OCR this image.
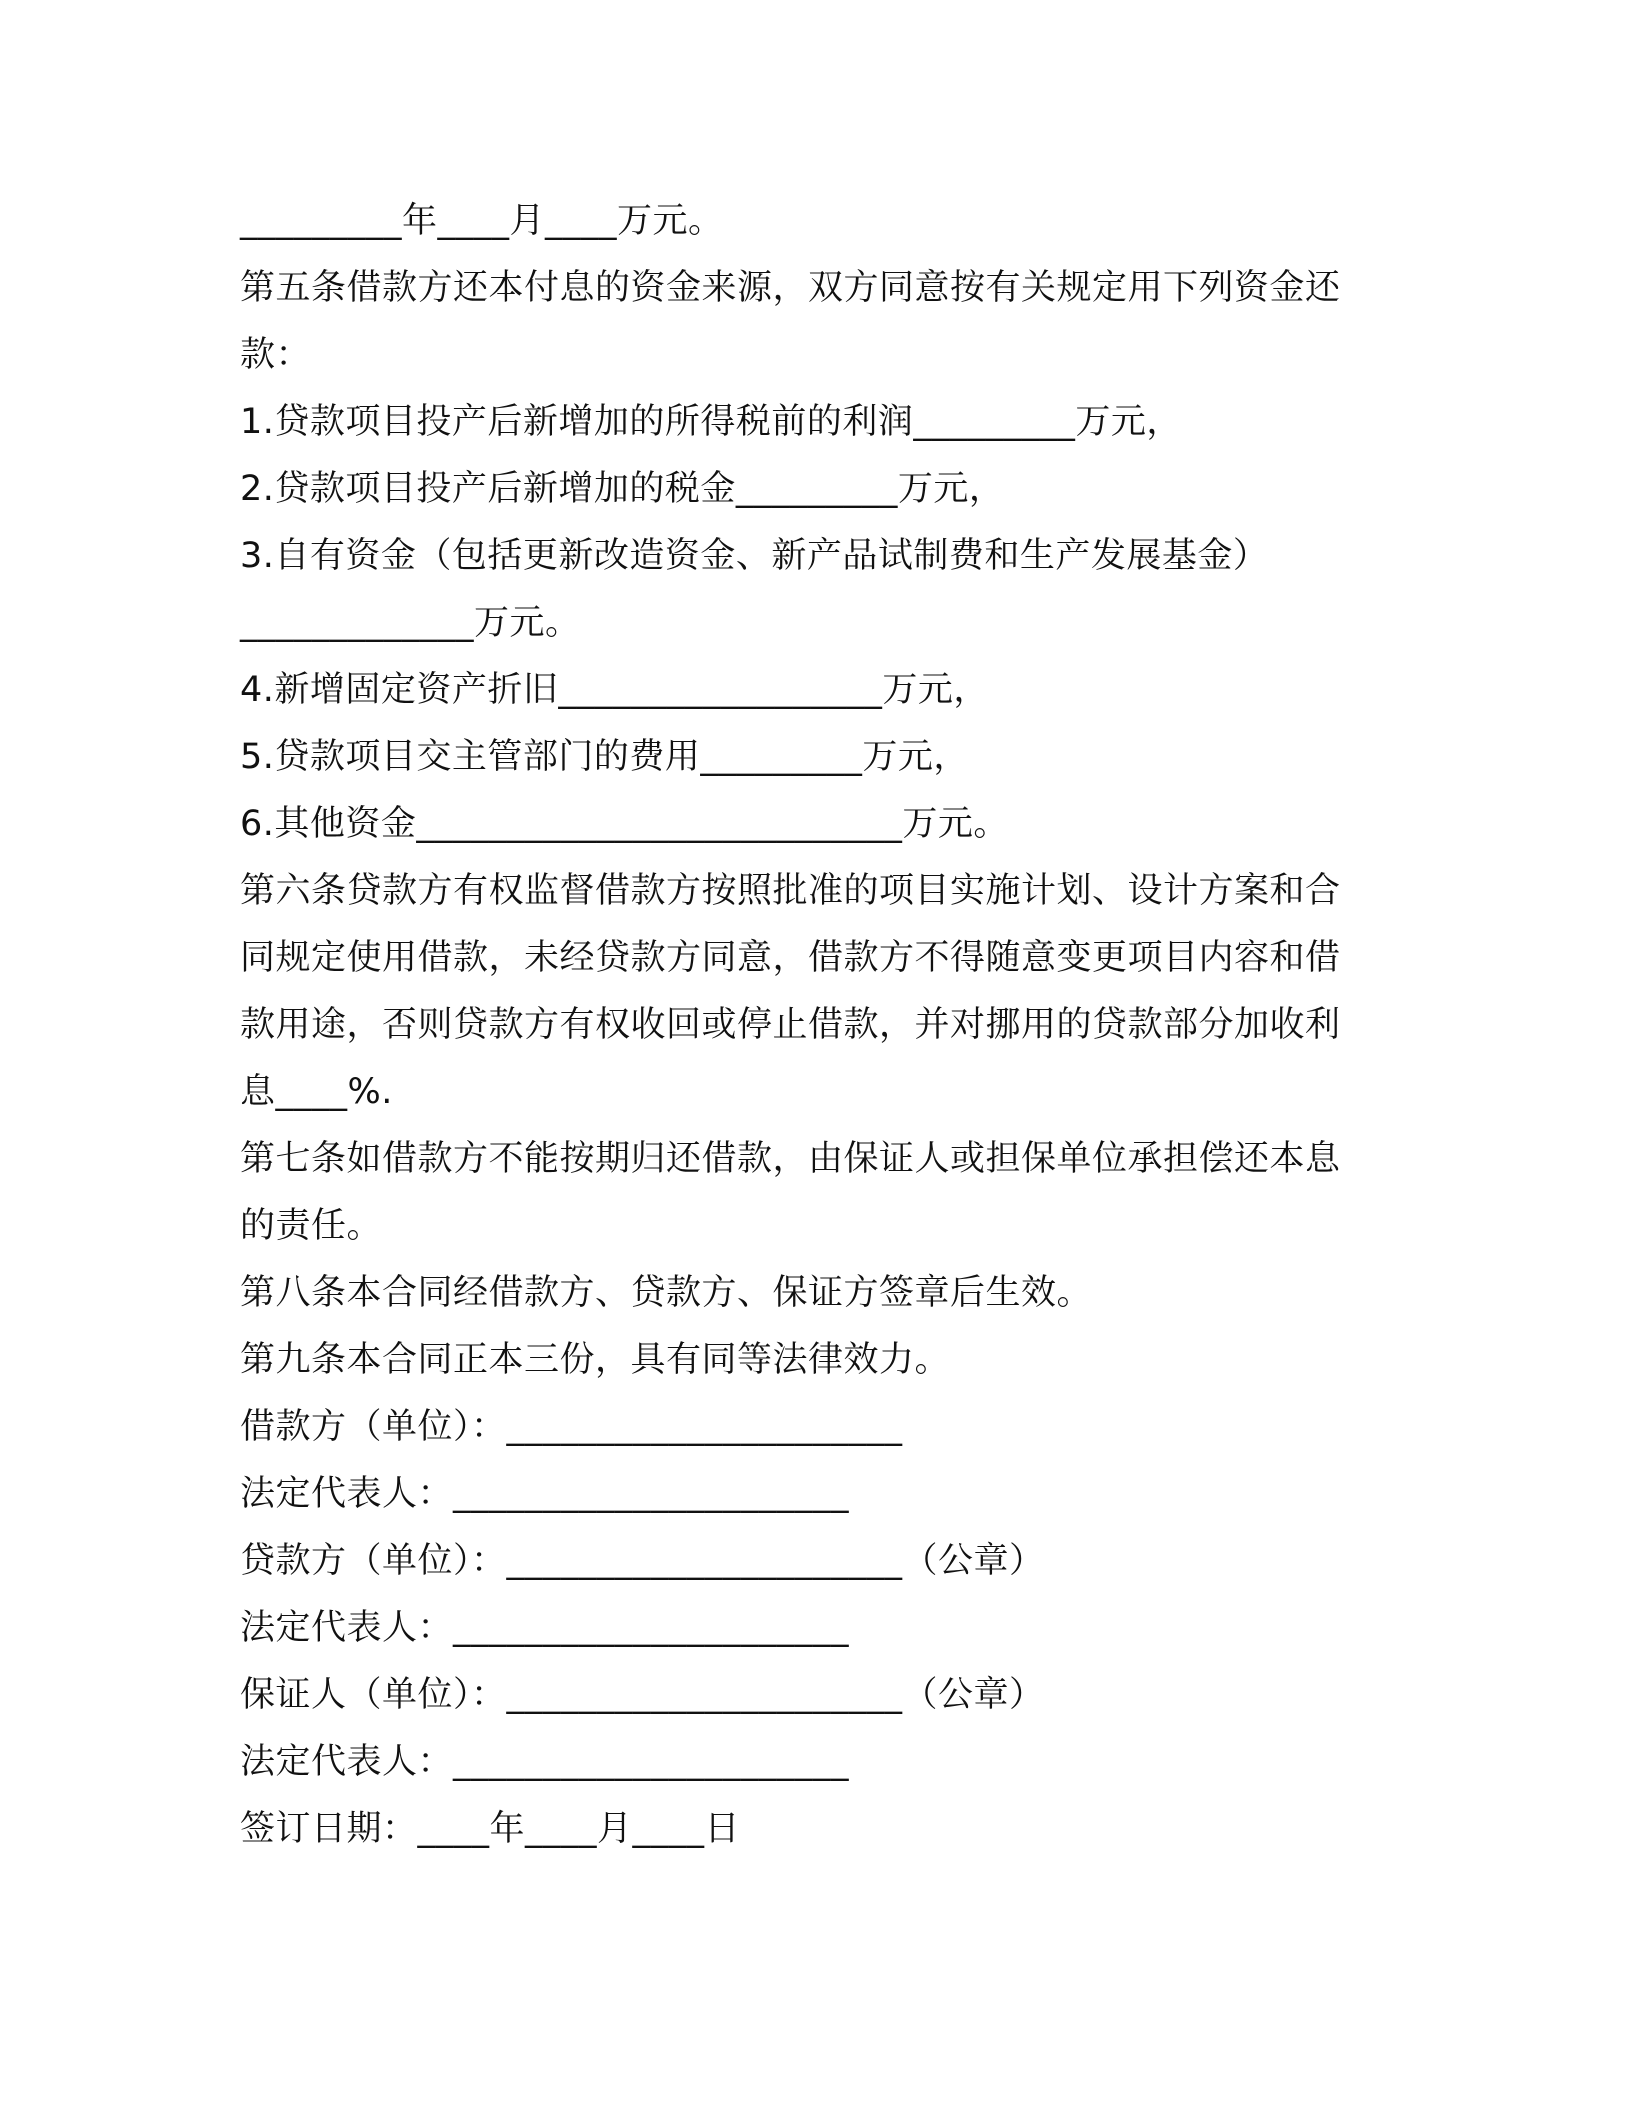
_________年____月____万元。
第五条借款方还本付息的资金来源，双方同意按有关规定用下列资金还
款：
1.贷款项目投产后新增加的所得税前的利润_________万元，
2.贷款项目投产后新增加的税金_________万元，
3.自有资金（包括更新改造资金、新产品试制费和生产发展基金）
_____________万元。
4.新增固定资产折旧__________________万元，
5.贷款项目交主管部门的费用_________万元，
6.其他资金___________________________万元。
第六条贷款方有权监督借款方按照批准的项目实施计划、设计方案和合
同规定使用借款，未经贷款方同意，借款方不得随意变更项目内容和借
款用途，否则贷款方有权收回或停止借款，并对挪用的贷款部分加收利
息____%.
第七条如借款方不能按期归还借款，由保证人或担保单位承担偿还本息
的责任。
第八条本合同经借款方、贷款方、保证方签章后生效。
第九条本合同正本三份，具有同等法律效力。
借款方（单位）：______________________
法定代表人：______________________
贷款方（单位）：______________________（公章）
法定代表人：______________________
保证人（单位）：______________________（公章）
法定代表人：______________________
签订日期：____年____月____日
